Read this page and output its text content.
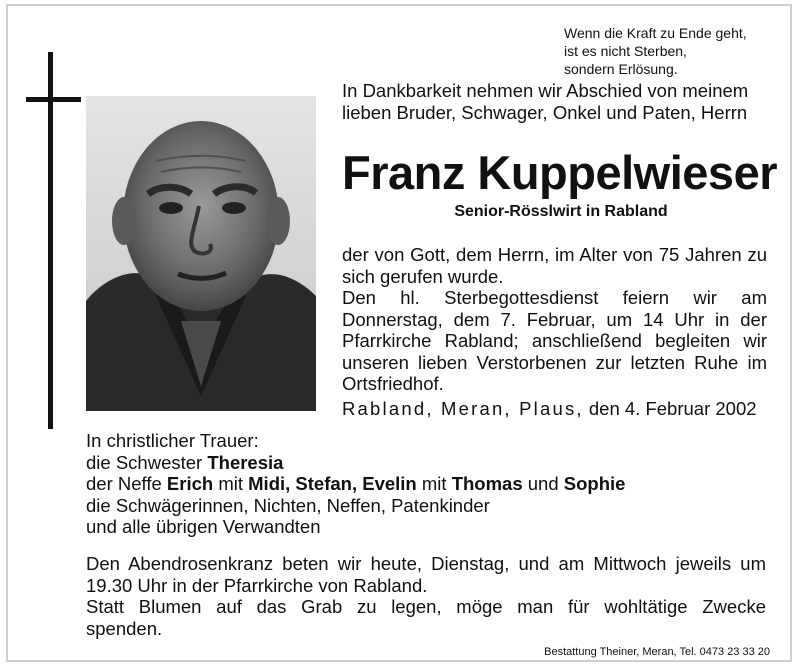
Wenn die Kraft zu Ende geht,
ist es nicht Sterben,
sondern Erlösung.
In Dankbarkeit nehmen wir Abschied von meinem
lieben Bruder, Schwager, Onkel und Paten, Herrn
Franz Kuppelwieser
Senior-Rösslwirt in Rabland
der von Gott, dem Herrn, im Alter von 75 Jahren zu
sich gerufen wurde.
Den hl. Sterbegottesdienst feiern wir am
Donnerstag, dem 7. Februar, um 14 Uhr in der
Pfarrkirche Rabland; anschließend begleiten wir
unseren lieben Verstorbenen zur letzten Ruhe im
Ortsfriedhof.
Rabland, Meran, Plaus, den 4. Februar 2002
In christlicher Trauer:
die Schwester Theresia
der Neffe Erich mit Midi, Stefan, Evelin mit Thomas und Sophie
die Schwägerinnen, Nichten, Neffen, Patenkinder
und alle übrigen Verwandten
Den Abendrosenkranz beten wir heute, Dienstag, und am Mittwoch jeweils um
19.30 Uhr in der Pfarrkirche von Rabland.
Statt Blumen auf das Grab zu legen, möge man für wohltätige Zwecke
spenden.
Bestattung Theiner, Meran, Tel. 0473 23 33 20
